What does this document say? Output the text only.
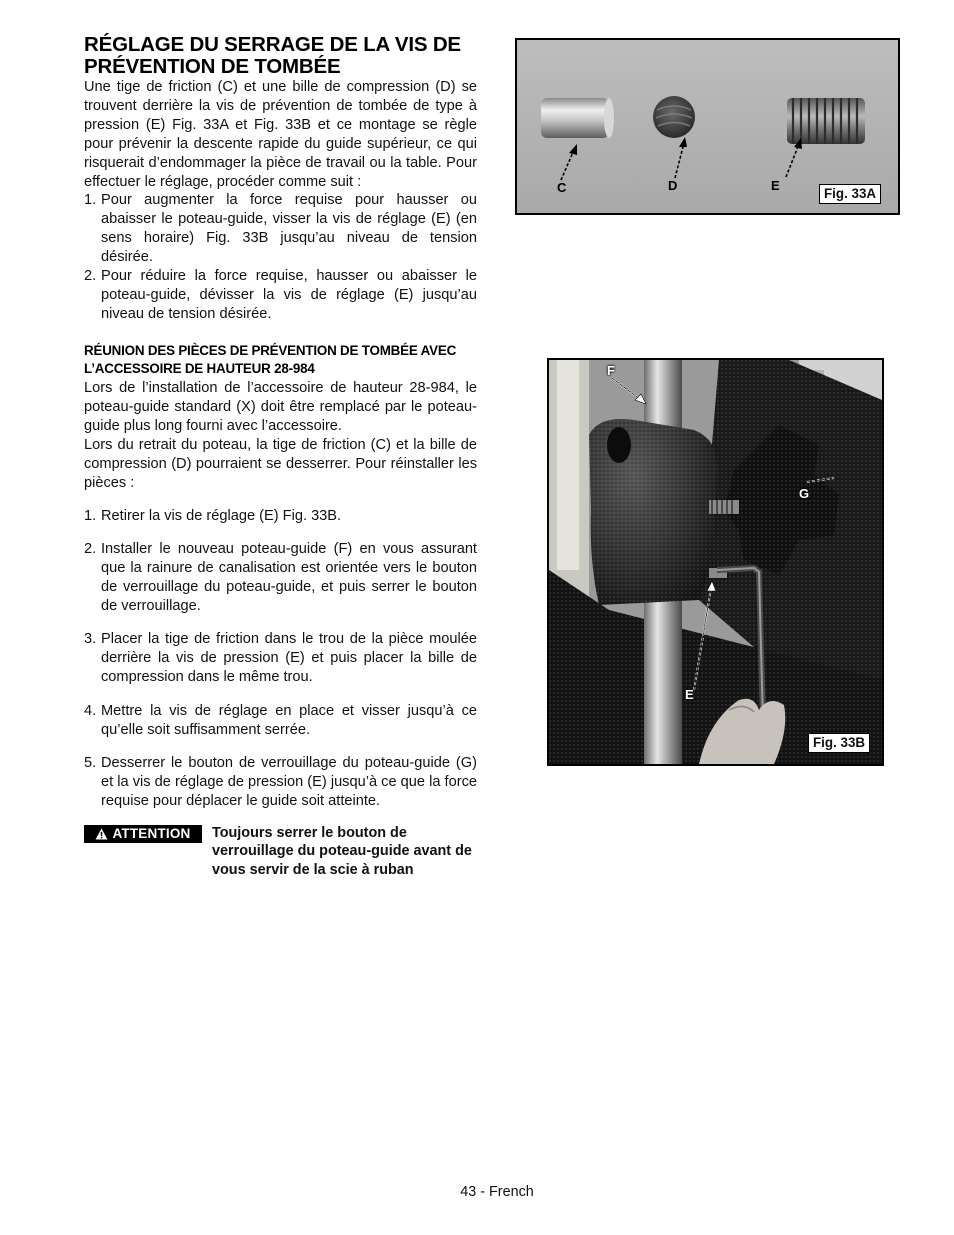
RÉGLAGE DU SERRAGE DE LA VIS DE PRÉVENTION DE TOMBÉE

Une tige de friction (C) et une bille de compression (D) se trouvent derrière la vis de prévention de tombée de type à pression (E) Fig. 33A et Fig. 33B et ce montage se règle pour prévenir la descente rapide du guide supérieur, ce qui risquerait d’endommager la pièce de travail ou la table. Pour effectuer le réglage, procéder comme suit :

1. Pour augmenter la force requise pour hausser ou abaisser le poteau-guide, visser la vis de réglage (E) (en sens horaire) Fig. 33B jusqu’au niveau de tension désirée.
2. Pour réduire la force requise, hausser ou abaisser le poteau-guide, dévisser la vis de réglage (E) jusqu’au niveau de tension désirée.
RÉUNION DES PIÈCES DE PRÉVENTION DE TOMBÉE AVEC L’ACCESSOIRE DE HAUTEUR 28-984

Lors de l’installation de l’accessoire de hauteur 28-984, le poteau-guide standard (X) doit être remplacé par le poteau-guide plus long fourni avec l’accessoire.

Lors du retrait du poteau, la tige de friction (C) et la bille de compression (D) pourraient se desserrer. Pour réinstaller les pièces :

1. Retirer la vis de réglage (E) Fig. 33B.
2. Installer le nouveau poteau-guide (F) en vous assurant que la rainure de canalisation est orientée vers le bouton de verrouillage du poteau-guide, et puis serrer le bouton de verrouillage.
3. Placer la tige de friction dans le trou de la pièce moulée derrière la vis de pression (E) et puis placer la bille de compression dans le même trou.
4. Mettre la vis de réglage en place et visser jusqu’à ce qu’elle soit suffisamment serrée.
5. Desserrer le bouton de verrouillage du poteau-guide (G) et la vis de réglage de pression (E) jusqu’à ce que la force requise pour déplacer le guide soit atteinte.
ATTENTION Toujours serrer le bouton de verrouillage du poteau-guide avant de vous servir de la scie à ruban
C	D	E
Fig. 33A
F
G
E
Fig. 33B
43 - French
